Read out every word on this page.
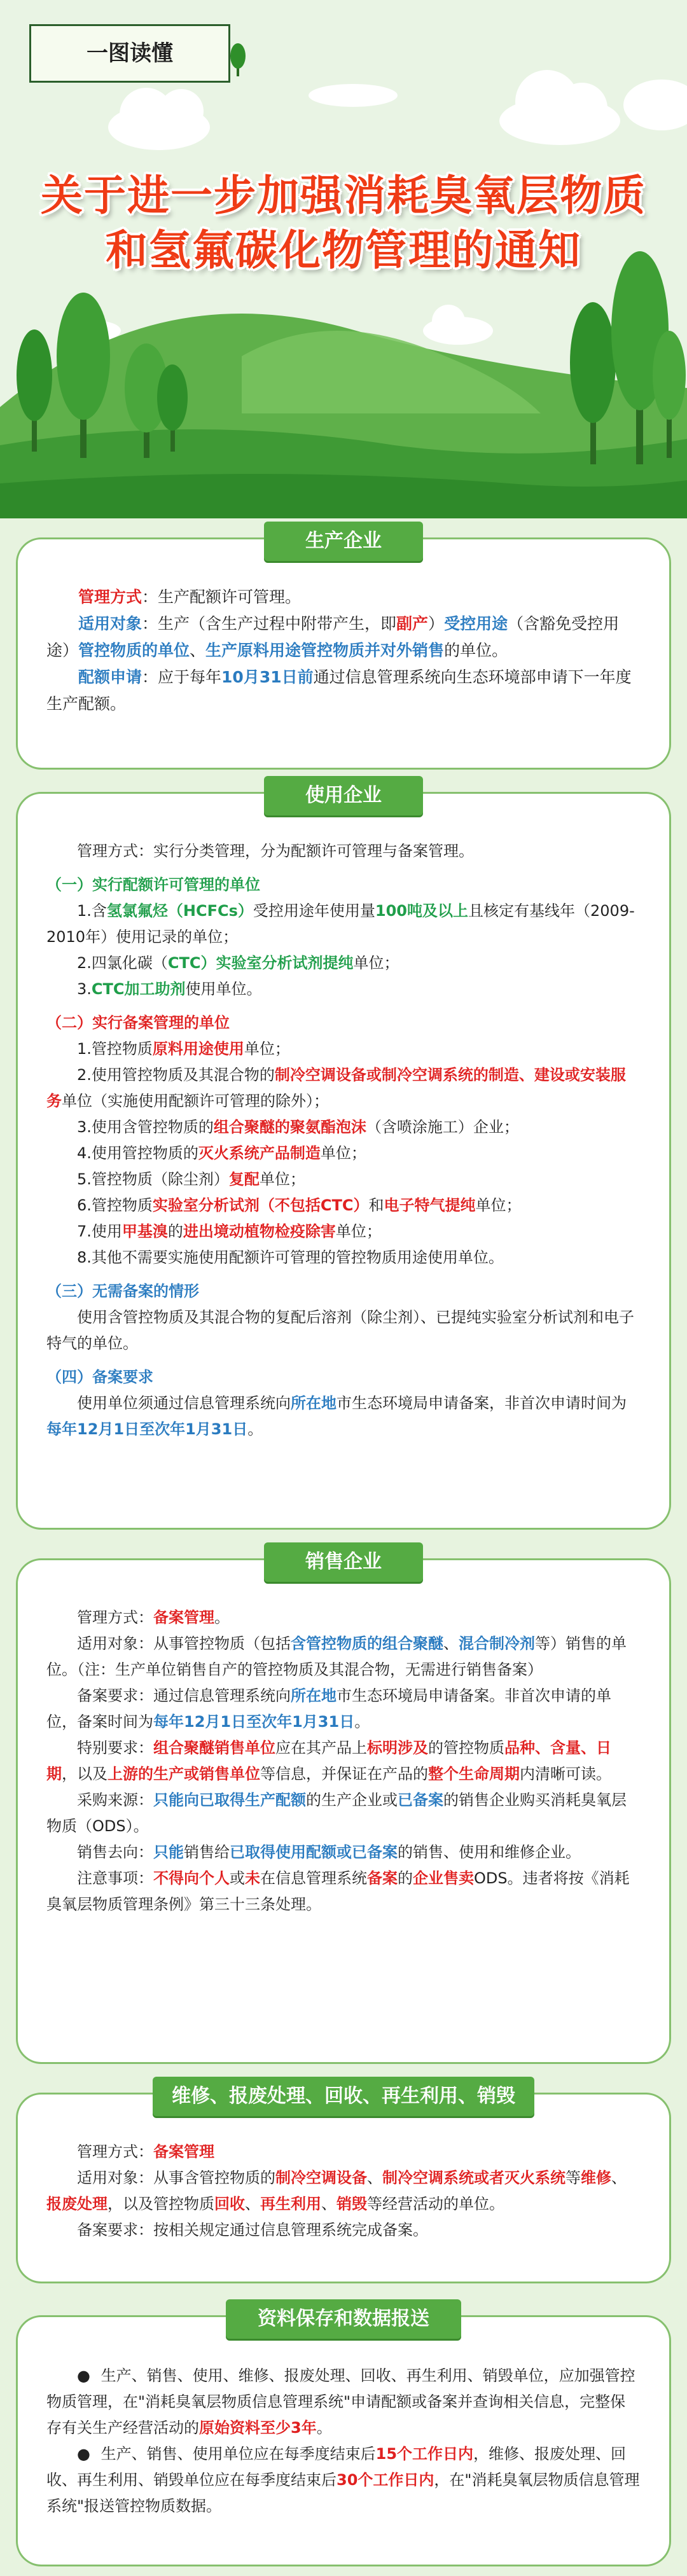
一图读懂
关于进一步加强消耗臭氧层物质
和氢氟碳化物管理的通知
生产企业

管理方式：生产配额许可管理。

适用对象：生产（含生产过程中附带产生，即副产）受控用途（含豁免受控用途）管控物质的单位、生产原料用途管控物质并对外销售的单位。

配额申请：应于每年10月31日前通过信息管理系统向生态环境部申请下一年度生产配额。

使用企业

管理方式：实行分类管理，分为配额许可管理与备案管理。

（一）实行配额许可管理的单位

1.含氢氯氟烃（HCFCs）受控用途年使用量100吨及以上且核定有基线年（2009-2010年）使用记录的单位；

2.四氯化碳（CTC）实验室分析试剂提纯单位；

3.CTC加工助剂使用单位。

（二）实行备案管理的单位

1.管控物质原料用途使用单位；

2.使用管控物质及其混合物的制冷空调设备或制冷空调系统的制造、建设或安装服务单位（实施使用配额许可管理的除外）；

3.使用含管控物质的组合聚醚的聚氨酯泡沫（含喷涂施工）企业；

4.使用管控物质的灭火系统产品制造单位；

5.管控物质（除尘剂）复配单位；

6.管控物质实验室分析试剂（不包括CTC）和电子特气提纯单位；

7.使用甲基溴的进出境动植物检疫除害单位；

8.其他不需要实施使用配额许可管理的管控物质用途使用单位。

（三）无需备案的情形

使用含管控物质及其混合物的复配后溶剂（除尘剂）、已提纯实验室分析试剂和电子特气的单位。

（四）备案要求

使用单位须通过信息管理系统向所在地市生态环境局申请备案，非首次申请时间为每年12月1日至次年1月31日。

销售企业

管理方式：备案管理。

适用对象：从事管控物质（包括含管控物质的组合聚醚、混合制冷剂等）销售的单位。（注：生产单位销售自产的管控物质及其混合物，无需进行销售备案）

备案要求：通过信息管理系统向所在地市生态环境局申请备案。非首次申请的单位，备案时间为每年12月1日至次年1月31日。

特别要求：组合聚醚销售单位应在其产品上标明涉及的管控物质品种、含量、日期，以及上游的生产或销售单位等信息，并保证在产品的整个生命周期内清晰可读。

采购来源：只能向已取得生产配额的生产企业或已备案的销售企业购买消耗臭氧层物质（ODS）。

销售去向：只能销售给已取得使用配额或已备案的销售、使用和维修企业。

注意事项：不得向个人或未在信息管理系统备案的企业售卖ODS。违者将按《消耗臭氧层物质管理条例》第三十三条处理。

维修、报废处理、回收、再生利用、销毁

管理方式：备案管理

适用对象：从事含管控物质的制冷空调设备、制冷空调系统或者灭火系统等维修、报废处理，以及管控物质回收、再生利用、销毁等经营活动的单位。

备案要求：按相关规定通过信息管理系统完成备案。

资料保存和数据报送

●  生产、销售、使用、维修、报废处理、回收、再生利用、销毁单位，应加强管控物质管理，在"消耗臭氧层物质信息管理系统"申请配额或备案并查询相关信息，完整保存有关生产经营活动的原始资料至少3年。

●  生产、销售、使用单位应在每季度结束后15个工作日内，维修、报废处理、回收、再生利用、销毁单位应在每季度结束后30个工作日内，在"消耗臭氧层物质信息管理系统"报送管控物质数据。
